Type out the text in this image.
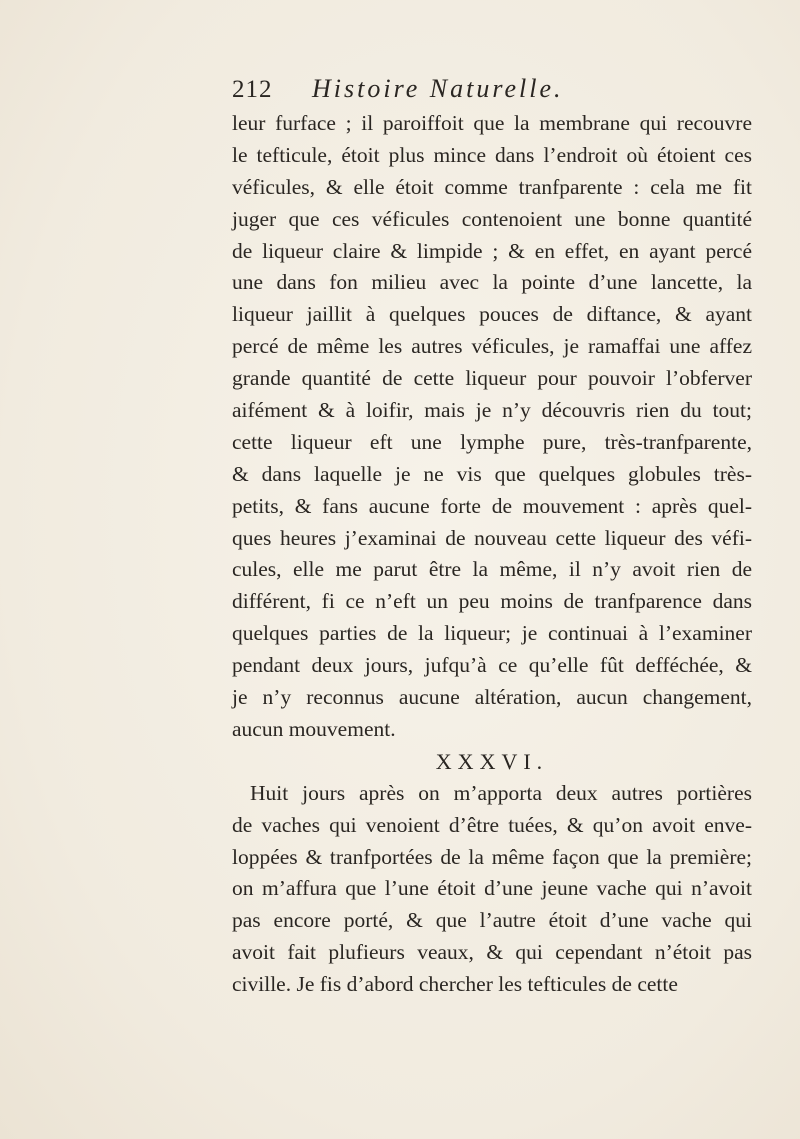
212 Histoire Naturelle.
leur furface ; il paroiffoit que la membrane qui recouvre
le tefticule, étoit plus mince dans l’endroit où étoient ces
véficules, & elle étoit comme tranfparente : cela me fit
juger que ces véficules contenoient une bonne quantité
de liqueur claire & limpide ; & en effet, en ayant percé
une dans fon milieu avec la pointe d’une lancette, la
liqueur jaillit à quelques pouces de diftance, & ayant
percé de même les autres véficules, je ramaffai une affez
grande quantité de cette liqueur pour pouvoir l’obferver
aifément & à loifir, mais je n’y découvris rien du tout;
cette liqueur eft une lymphe pure, très-tranfparente,
& dans laquelle je ne vis que quelques globules très-
petits, & fans aucune forte de mouvement : après quel-
ques heures j’examinai de nouveau cette liqueur des véfi-
cules, elle me parut être la même, il n’y avoit rien de
différent, fi ce n’eft un peu moins de tranfparence dans
quelques parties de la liqueur; je continuai à l’examiner
pendant deux jours, jufqu’à ce qu’elle fût defféchée, &
je n’y reconnus aucune altération, aucun changement,
aucun mouvement.
XXXVI.
Huit jours après on m’apporta deux autres portières
de vaches qui venoient d’être tuées, & qu’on avoit enve-
loppées & tranfportées de la même façon que la première;
on m’affura que l’une étoit d’une jeune vache qui n’avoit
pas encore porté, & que l’autre étoit d’une vache qui
avoit fait plufieurs veaux, & qui cependant n’étoit pas
civille. Je fis d’abord chercher les tefticules de cette
